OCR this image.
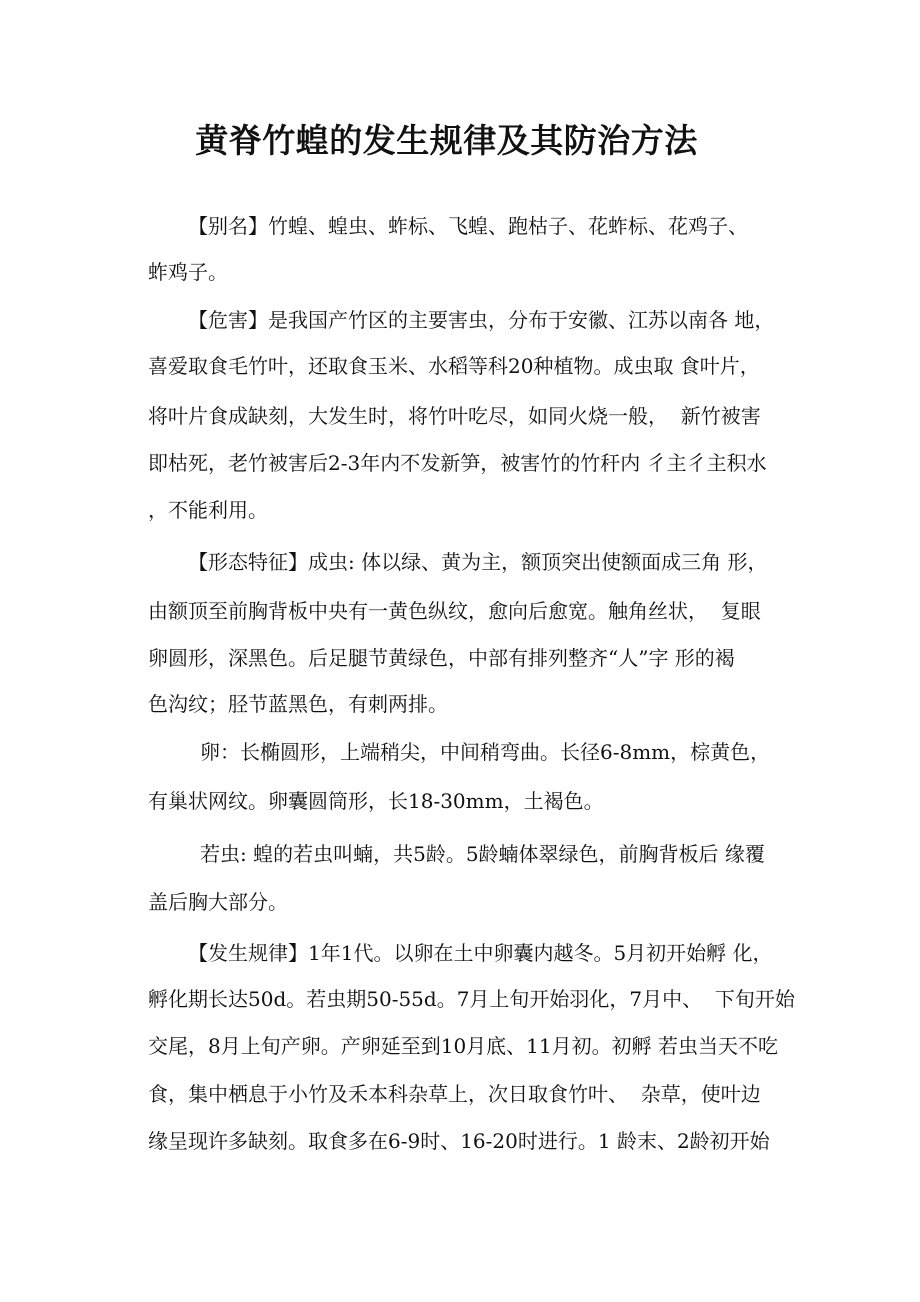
黄脊竹蝗的发生规律及其防治方法
【别名】竹蝗、蝗虫、蚱标、飞蝗、跑枯子、花蚱标、花鸡子、
蚱鸡子。
【危害】是我国产竹区的主要害虫，分布于安徽、江苏以南各 地，
喜爱取食毛竹叶，还取食玉米、水稻等科20种植物。成虫取 食叶片，
将叶片食成缺刻，大发生时，将竹叶吃尽，如同火烧一般，  新竹被害
即枯死，老竹被害后2-3年内不发新笋，被害竹的竹秆内 彳主彳主积水
，不能利用。
【形态特征】成虫: 体以绿、黄为主，额顶突出使额面成三角 形，
由额顶至前胸背板中央有一黄色纵纹，愈向后愈宽。触角丝状，  复眼
卵圆形，深黑色。后足腿节黄绿色，中部有排列整齐“人”字 形的褐
色沟纹；胫节蓝黑色，有刺两排。
卵：长椭圆形，上端稍尖，中间稍弯曲。长径6-8mm，棕黄色，
有巢状网纹。卵囊圆筒形，长18-30mm，土褐色。
若虫: 蝗的若虫叫蝻，共5龄。5龄蝻体翠绿色，前胸背板后 缘覆
盖后胸大部分。
【发生规律】1年1代。以卵在土中卵囊内越冬。5月初开始孵 化，
孵化期长达50d。若虫期50-55d。7月上旬开始羽化，7月中、  下旬开始
交尾，8月上旬产卵。产卵延至到10月底、11月初。初孵 若虫当天不吃
食，集中栖息于小竹及禾本科杂草上，次日取食竹叶、  杂草，使叶边
缘呈现许多缺刻。取食多在6-9时、16-20时进行。1 龄末、2龄初开始
